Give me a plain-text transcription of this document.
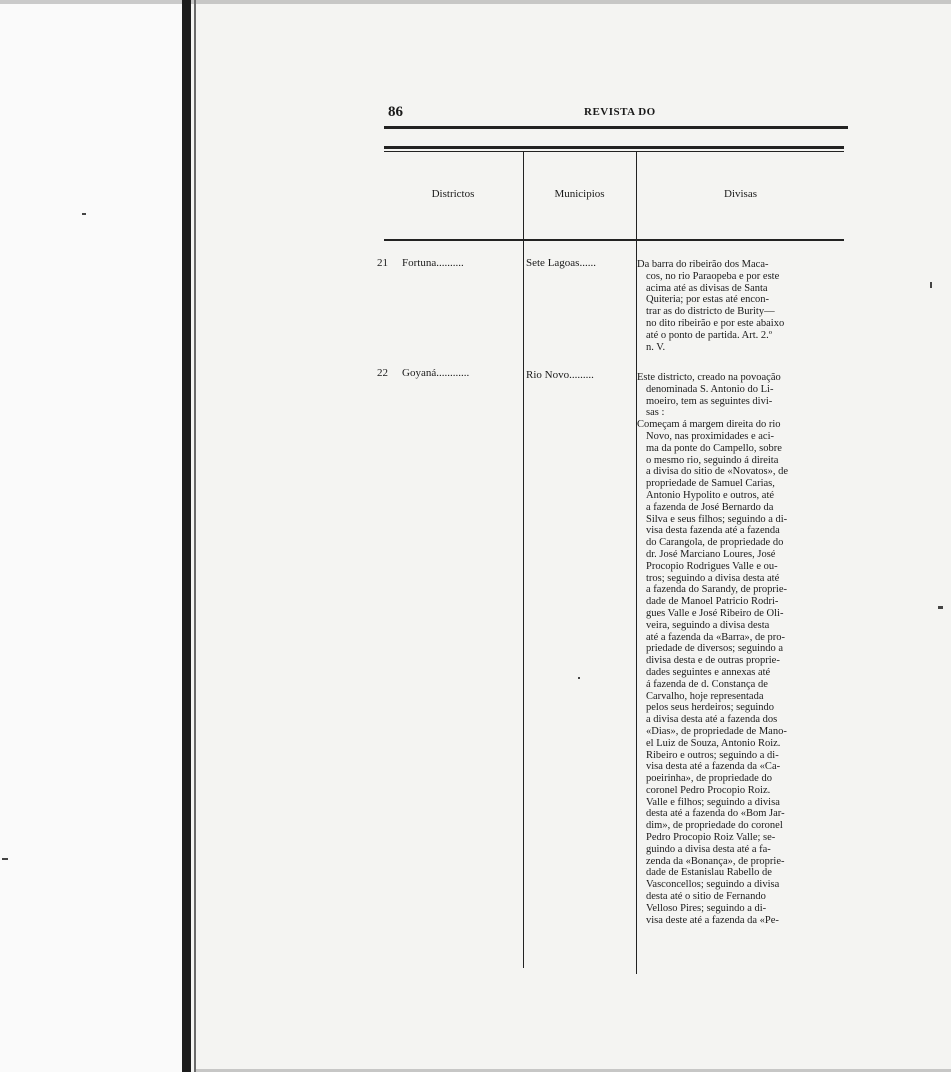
86	REVISTA DO
Districtos	Municipios	Divisas
21 Fortuna..........	Sete Lagoas......	Da barra do ribeirão dos Maca-
cos, no rio Paraopeba e por este
acima até as divisas de Santa
Quiteria; por estas até encon-
trar as do districto de Burity—
no dito ribeirão e por este abaixo
até o ponto de partida. Art. 2.º
n. V.
22 Goyaná............	Rio Novo.........	Este districto, creado na povoação
denominada S. Antonio do Li-
moeiro, tem as seguintes divi-
sas :
Começam á margem direita do rio
Novo, nas proximidades e aci-
ma da ponte do Campello, sobre
o mesmo rio, seguindo á direita
a divisa do sitio de «Novatos», de
propriedade de Samuel Carias,
Antonio Hypolito e outros, até
a fazenda de José Bernardo da
Silva e seus filhos; seguindo a di-
visa desta fazenda até a fazenda
do Carangola, de propriedade do
dr. José Marciano Loures, José
Procopio Rodrigues Valle e ou-
tros; seguindo a divisa desta até
a fazenda do Sarandy, de proprie-
dade de Manoel Patricio Rodri-
gues Valle e José Ribeiro de Oli-
veira, seguindo a divisa desta
até a fazenda da «Barra», de pro-
priedade de diversos; seguindo a
divisa desta e de outras proprie-
dades seguintes e annexas até
á fazenda de d. Constança de
Carvalho, hoje representada
pelos seus herdeiros; seguindo
a divisa desta até a fazenda dos
«Dias», de propriedade de Mano-
el Luiz de Souza, Antonio Roiz.
Ribeiro e outros; seguindo a di-
visa desta até a fazenda da «Ca-
poeirinha», de propriedade do
coronel Pedro Procopio Roiz.
Valle e filhos; seguindo a divisa
desta até a fazenda do «Bom Jar-
dim», de propriedade do coronel
Pedro Procopio Roiz Valle; se-
guindo a divisa desta até a fa-
zenda da «Bonança», de proprie-
dade de Estanislau Rabello de
Vasconcellos; seguindo a divisa
desta até o sitio de Fernando
Velloso Pires; seguindo a di-
visa deste até a fazenda da «Pe-
